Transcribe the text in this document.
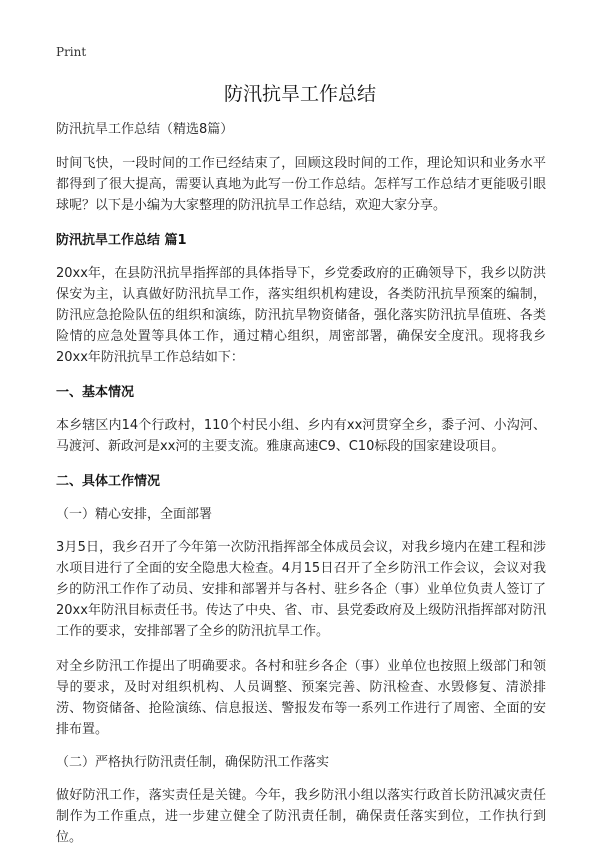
Print
防汛抗旱工作总结

防汛抗旱工作总结（精选8篇）

时间飞快，一段时间的工作已经结束了，回顾这段时间的工作，理论知识和业务水平都得到了很大提高，需要认真地为此写一份工作总结。怎样写工作总结才更能吸引眼球呢？以下是小编为大家整理的防汛抗旱工作总结，欢迎大家分享。

防汛抗旱工作总结 篇1

20xx年，在县防汛抗旱指挥部的具体指导下，乡党委政府的正确领导下，我乡以防洪保安为主，认真做好防汛抗旱工作，落实组织机构建设，各类防汛抗旱预案的编制，防汛应急抢险队伍的组织和演练，防汛抗旱物资储备，强化落实防汛抗旱值班、各类险情的应急处置等具体工作，通过精心组织，周密部署，确保安全度汛。现将我乡20xx年防汛抗旱工作总结如下：

一、基本情况

本乡辖区内14个行政村，110个村民小组、乡内有xx河贯穿全乡，黍子河、小沟河、马渡河、新政河是xx河的主要支流。雅康高速C9、C10标段的国家建设项目。

二、具体工作情况

（一）精心安排，全面部署

3月5日，我乡召开了今年第一次防汛指挥部全体成员会议，对我乡境内在建工程和涉水项目进行了全面的安全隐患大检查。4月15日召开了全乡防汛工作会议，会议对我乡的防汛工作作了动员、安排和部署并与各村、驻乡各企（事）业单位负责人签订了20xx年防汛目标责任书。传达了中央、省、市、县党委政府及上级防汛指挥部对防汛工作的要求，安排部署了全乡的防汛抗旱工作。

对全乡防汛工作提出了明确要求。各村和驻乡各企（事）业单位也按照上级部门和领导的要求，及时对组织机构、人员调整、预案完善、防汛检查、水毁修复、清淤排涝、物资储备、抢险演练、信息报送、警报发布等一系列工作进行了周密、全面的安排布置。

（二）严格执行防汛责任制，确保防汛工作落实

做好防汛工作，落实责任是关键。今年，我乡防汛小组以落实行政首长防汛减灾责任制作为工作重点，进一步建立健全了防汛责任制，确保责任落实到位，工作执行到位。
